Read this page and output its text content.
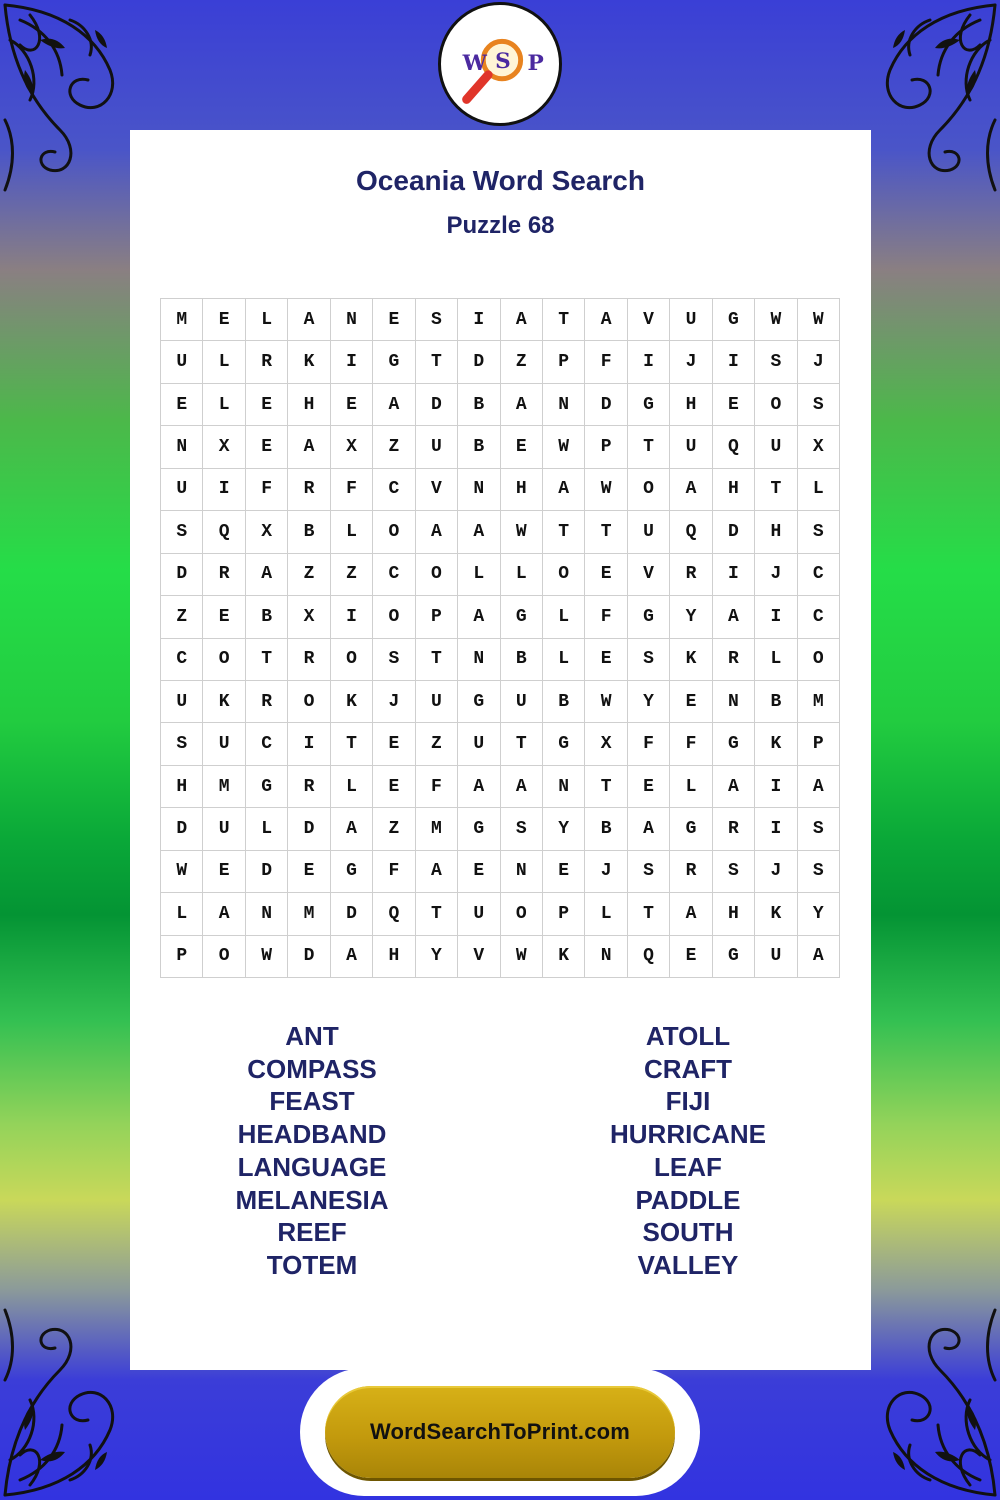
W S P
Oceania Word Search
Puzzle 68
M	E	L	A	N	E	S	I	A	T	A	V	U	G	W	W
U	L	R	K	I	G	T	D	Z	P	F	I	J	I	S	J
E	L	E	H	E	A	D	B	A	N	D	G	H	E	O	S
N	X	E	A	X	Z	U	B	E	W	P	T	U	Q	U	X
U	I	F	R	F	C	V	N	H	A	W	O	A	H	T	L
S	Q	X	B	L	O	A	A	W	T	T	U	Q	D	H	S
D	R	A	Z	Z	C	O	L	L	O	E	V	R	I	J	C
Z	E	B	X	I	O	P	A	G	L	F	G	Y	A	I	C
C	O	T	R	O	S	T	N	B	L	E	S	K	R	L	O
U	K	R	O	K	J	U	G	U	B	W	Y	E	N	B	M
S	U	C	I	T	E	Z	U	T	G	X	F	F	G	K	P
H	M	G	R	L	E	F	A	A	N	T	E	L	A	I	A
D	U	L	D	A	Z	M	G	S	Y	B	A	G	R	I	S
W	E	D	E	G	F	A	E	N	E	J	S	R	S	J	S
L	A	N	M	D	Q	T	U	O	P	L	T	A	H	K	Y
P	O	W	D	A	H	Y	V	W	K	N	Q	E	G	U	A
ANT
COMPASS
FEAST
HEADBAND
LANGUAGE
MELANESIA
REEF
TOTEM
ATOLL
CRAFT
FIJI
HURRICANE
LEAF
PADDLE
SOUTH
VALLEY
WordSearchToPrint.com
